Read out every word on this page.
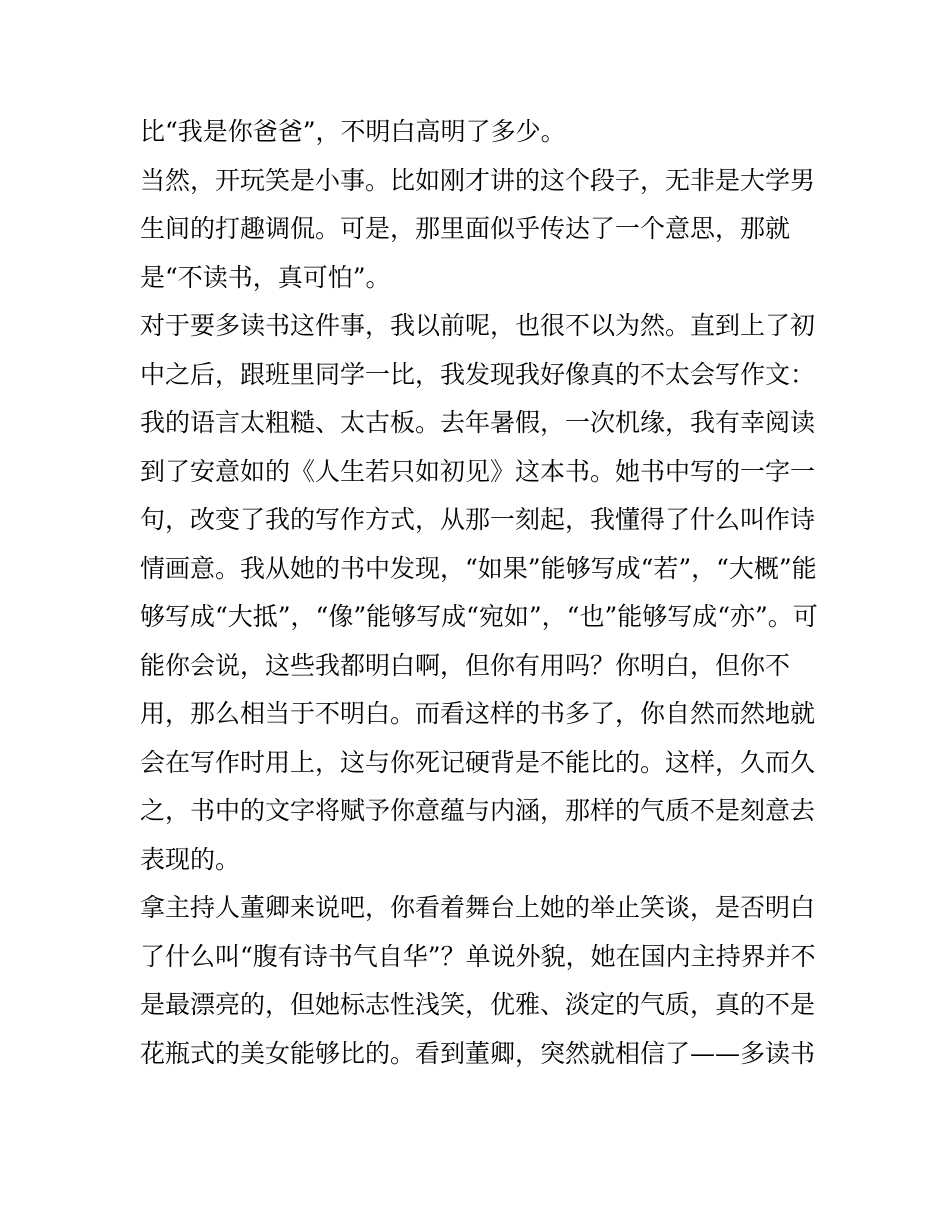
比“我是你爸爸”，不明白高明了多少。
当然，开玩笑是小事。比如刚才讲的这个段子，无非是大学男
生间的打趣调侃。可是，那里面似乎传达了一个意思，那就
是“不读书，真可怕”。
对于要多读书这件事，我以前呢，也很不以为然。直到上了初
中之后，跟班里同学一比，我发现我好像真的不太会写作文：
我的语言太粗糙、太古板。去年暑假，一次机缘，我有幸阅读
到了安意如的《人生若只如初见》这本书。她书中写的一字一
句，改变了我的写作方式，从那一刻起，我懂得了什么叫作诗
情画意。我从她的书中发现，“如果”能够写成“若”，“大概”能
够写成“大抵”，“像”能够写成“宛如”，“也”能够写成“亦”。可
能你会说，这些我都明白啊，但你有用吗？你明白，但你不
用，那么相当于不明白。而看这样的书多了，你自然而然地就
会在写作时用上，这与你死记硬背是不能比的。这样，久而久
之，书中的文字将赋予你意蕴与内涵，那样的气质不是刻意去
表现的。
拿主持人董卿来说吧，你看着舞台上她的举止笑谈，是否明白
了什么叫“腹有诗书气自华”？单说外貌，她在国内主持界并不
是最漂亮的，但她标志性浅笑，优雅、淡定的气质，真的不是
花瓶式的美女能够比的。看到董卿，突然就相信了——多读书
